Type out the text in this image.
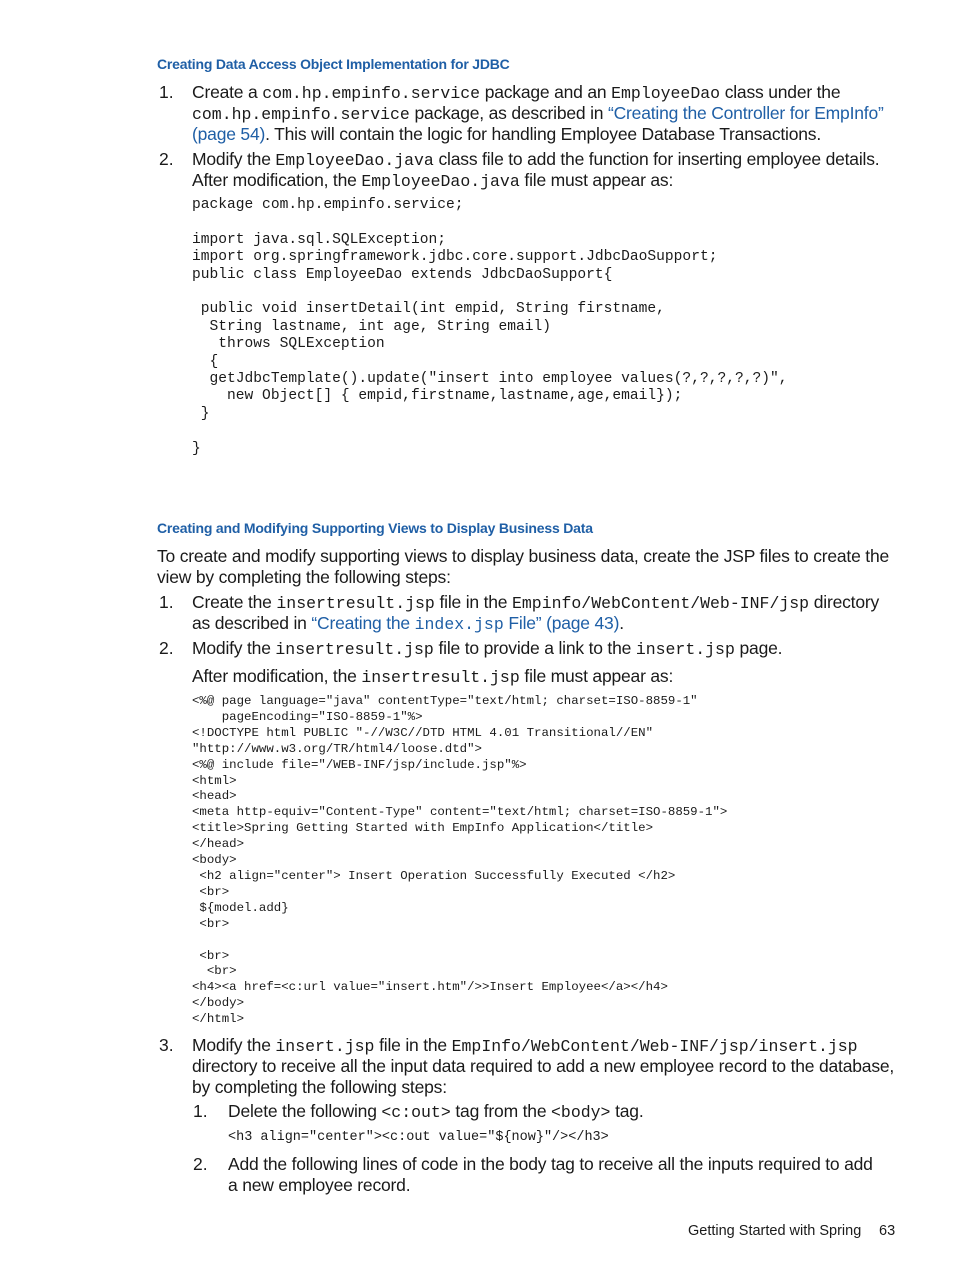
Creating Data Access Object Implementation for JDBC
1. Create a com.hp.empinfo.service package and an EmployeeDao class under the
com.hp.empinfo.service package, as described in “Creating the Controller for EmpInfo”
(page 54). This will contain the logic for handling Employee Database Transactions.
2. Modify the EmployeeDao.java class file to add the function for inserting employee details.
After modification, the EmployeeDao.java file must appear as:
package com.hp.empinfo.service;

import java.sql.SQLException;
import org.springframework.jdbc.core.support.JdbcDaoSupport;
public class EmployeeDao extends JdbcDaoSupport{

public void insertDetail(int empid, String firstname,
String lastname, int age, String email)
throws SQLException
{
getJdbcTemplate().update("insert into employee values(?,?,?,?,?)",
new Object[] { empid,firstname,lastname,age,email});
}

}
Creating and Modifying Supporting Views to Display Business Data
To create and modify supporting views to display business data, create the JSP files to create the
view by completing the following steps:
1. Create the insertresult.jsp file in the Empinfo/WebContent/Web-INF/jsp directory
as described in “Creating the index.jsp File” (page 43).
2. Modify the insertresult.jsp file to provide a link to the insert.jsp page.
After modification, the insertresult.jsp file must appear as:
<%@ page language="java" contentType="text/html; charset=ISO-8859-1"
pageEncoding="ISO-8859-1"%>
<!DOCTYPE html PUBLIC "-//W3C//DTD HTML 4.01 Transitional//EN"
"http://www.w3.org/TR/html4/loose.dtd">
<%@ include file="/WEB-INF/jsp/include.jsp"%>
<html>
<head>
<meta http-equiv="Content-Type" content="text/html; charset=ISO-8859-1">
<title>Spring Getting Started with EmpInfo Application</title>
</head>
<body>
<h2 align="center"> Insert Operation Successfully Executed </h2>
<br>
${model.add}
<br>

<br>
<br>
<h4><a href=<c:url value="insert.htm"/>>Insert Employee</a></h4>
</body>
</html>
3. Modify the insert.jsp file in the EmpInfo/WebContent/Web-INF/jsp/insert.jsp
directory to receive all the input data required to add a new employee record to the database,
by completing the following steps:
1. Delete the following <c:out> tag from the <body> tag.
<h3 align="center"><c:out value="${now}"/></h3>
2. Add the following lines of code in the body tag to receive all the inputs required to add
a new employee record.
Getting Started with Spring 63
